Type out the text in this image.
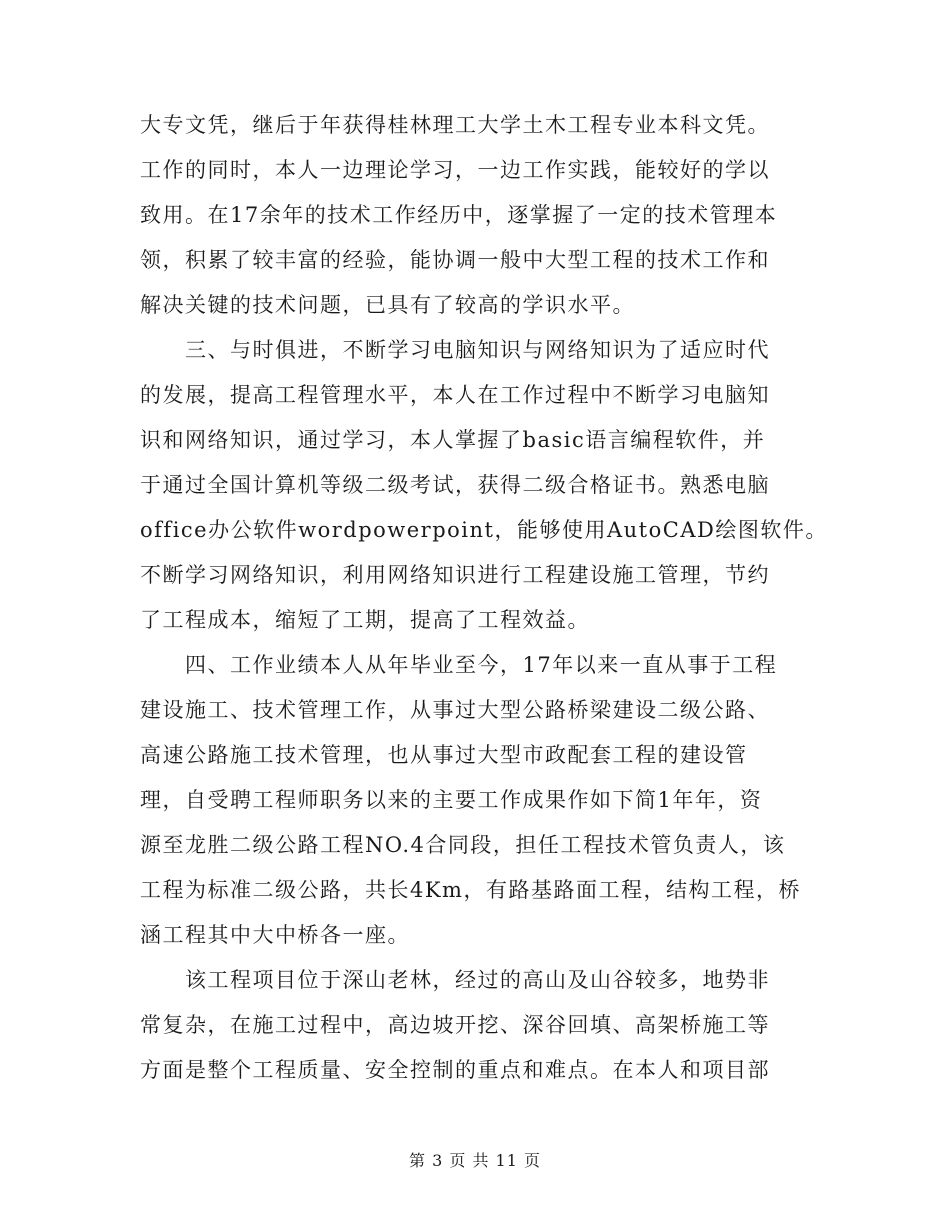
大专文凭，继后于年获得桂林理工大学土木工程专业本科文凭。
工作的同时，本人一边理论学习，一边工作实践，能较好的学以
致用。在17余年的技术工作经历中，逐掌握了一定的技术管理本
领，积累了较丰富的经验，能协调一般中大型工程的技术工作和
解决关键的技术问题，已具有了较高的学识水平。
三、与时俱进，不断学习电脑知识与网络知识为了适应时代
的发展，提高工程管理水平，本人在工作过程中不断学习电脑知
识和网络知识，通过学习，本人掌握了basic语言编程软件，并
于通过全国计算机等级二级考试，获得二级合格证书。熟悉电脑
office办公软件wordpowerpoint，能够使用AutoCAD绘图软件。
不断学习网络知识，利用网络知识进行工程建设施工管理，节约
了工程成本，缩短了工期，提高了工程效益。
四、工作业绩本人从年毕业至今，17年以来一直从事于工程
建设施工、技术管理工作，从事过大型公路桥梁建设二级公路、
高速公路施工技术管理，也从事过大型市政配套工程的建设管
理，自受聘工程师职务以来的主要工作成果作如下简1年年，资
源至龙胜二级公路工程NO.4合同段，担任工程技术管负责人，该
工程为标准二级公路，共长4Km，有路基路面工程，结构工程，桥
涵工程其中大中桥各一座。
该工程项目位于深山老林，经过的高山及山谷较多，地势非
常复杂，在施工过程中，高边坡开挖、深谷回填、高架桥施工等
方面是整个工程质量、安全控制的重点和难点。在本人和项目部
第 3 页 共 11 页
